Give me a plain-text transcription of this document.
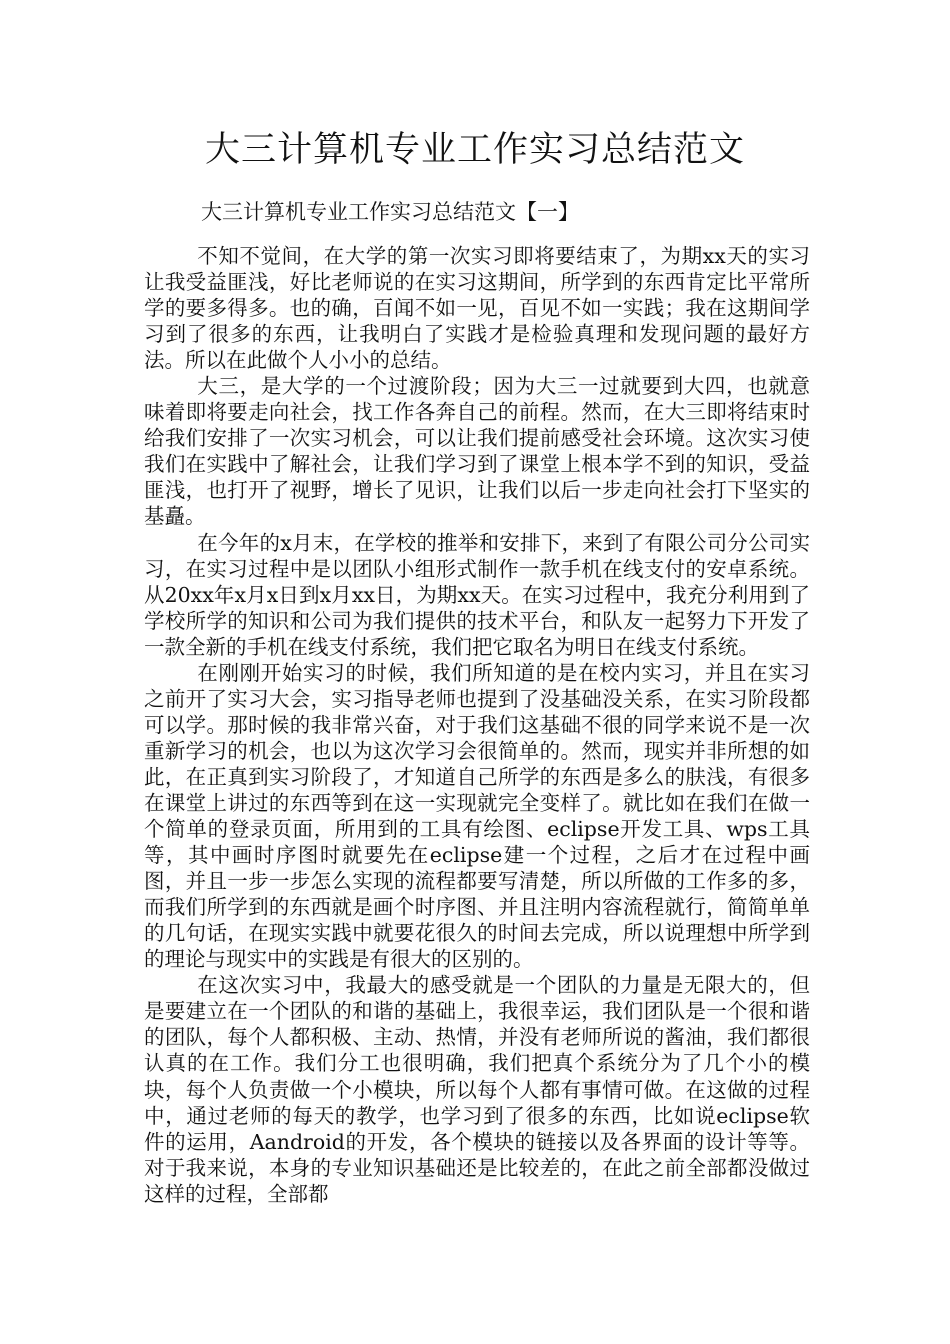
大三计算机专业工作实习总结范文

大三计算机专业工作实习总结范文【一】

不知不觉间，在大学的第一次实习即将要结束了，为期xx天的实习让我受益匪浅，好比老师说的在实习这期间，所学到的东西肯定比平常所学的要多得多。也的确，百闻不如一见，百见不如一实践；我在这期间学习到了很多的东西，让我明白了实践才是检验真理和发现问题的最好方法。所以在此做个人小小的总结。

大三，是大学的一个过渡阶段；因为大三一过就要到大四，也就意味着即将要走向社会，找工作各奔自己的前程。然而，在大三即将结束时给我们安排了一次实习机会，可以让我们提前感受社会环境。这次实习使我们在实践中了解社会，让我们学习到了课堂上根本学不到的知识，受益匪浅，也打开了视野，增长了见识，让我们以后一步走向社会打下坚实的基矗。

在今年的x月末，在学校的推举和安排下，来到了有限公司分公司实习，在实习过程中是以团队小组形式制作一款手机在线支付的安卓系统。从20xx年x月x日到x月xx日，为期xx天。在实习过程中，我充分利用到了学校所学的知识和公司为我们提供的技术平台，和队友一起努力下开发了一款全新的手机在线支付系统，我们把它取名为明日在线支付系统。

在刚刚开始实习的时候，我们所知道的是在校内实习，并且在实习之前开了实习大会，实习指导老师也提到了没基础没关系，在实习阶段都可以学。那时候的我非常兴奋，对于我们这基础不很的同学来说不是一次重新学习的机会，也以为这次学习会很简单的。然而，现实并非所想的如此，在正真到实习阶段了，才知道自己所学的东西是多么的肤浅，有很多在课堂上讲过的东西等到在这一实现就完全变样了。就比如在我们在做一个简单的登录页面，所用到的工具有绘图、eclipse开发工具、wps工具等，其中画时序图时就要先在eclipse建一个过程，之后才在过程中画图，并且一步一步怎么实现的流程都要写清楚，所以所做的工作多的多，而我们所学到的东西就是画个时序图、并且注明内容流程就行，简简单单的几句话，在现实实践中就要花很久的时间去完成，所以说理想中所学到的理论与现实中的实践是有很大的区别的。

在这次实习中，我最大的感受就是一个团队的力量是无限大的，但是要建立在一个团队的和谐的基础上，我很幸运，我们团队是一个很和谐的团队，每个人都积极、主动、热情，并没有老师所说的酱油，我们都很认真的在工作。我们分工也很明确，我们把真个系统分为了几个小的模块，每个人负责做一个小模块，所以每个人都有事情可做。在这做的过程中，通过老师的每天的教学，也学习到了很多的东西，比如说eclipse软件的运用，Aandroid的开发，各个模块的链接以及各界面的设计等等。对于我来说，本身的专业知识基础还是比较差的，在此之前全部都没做过这样的过程，全部都
